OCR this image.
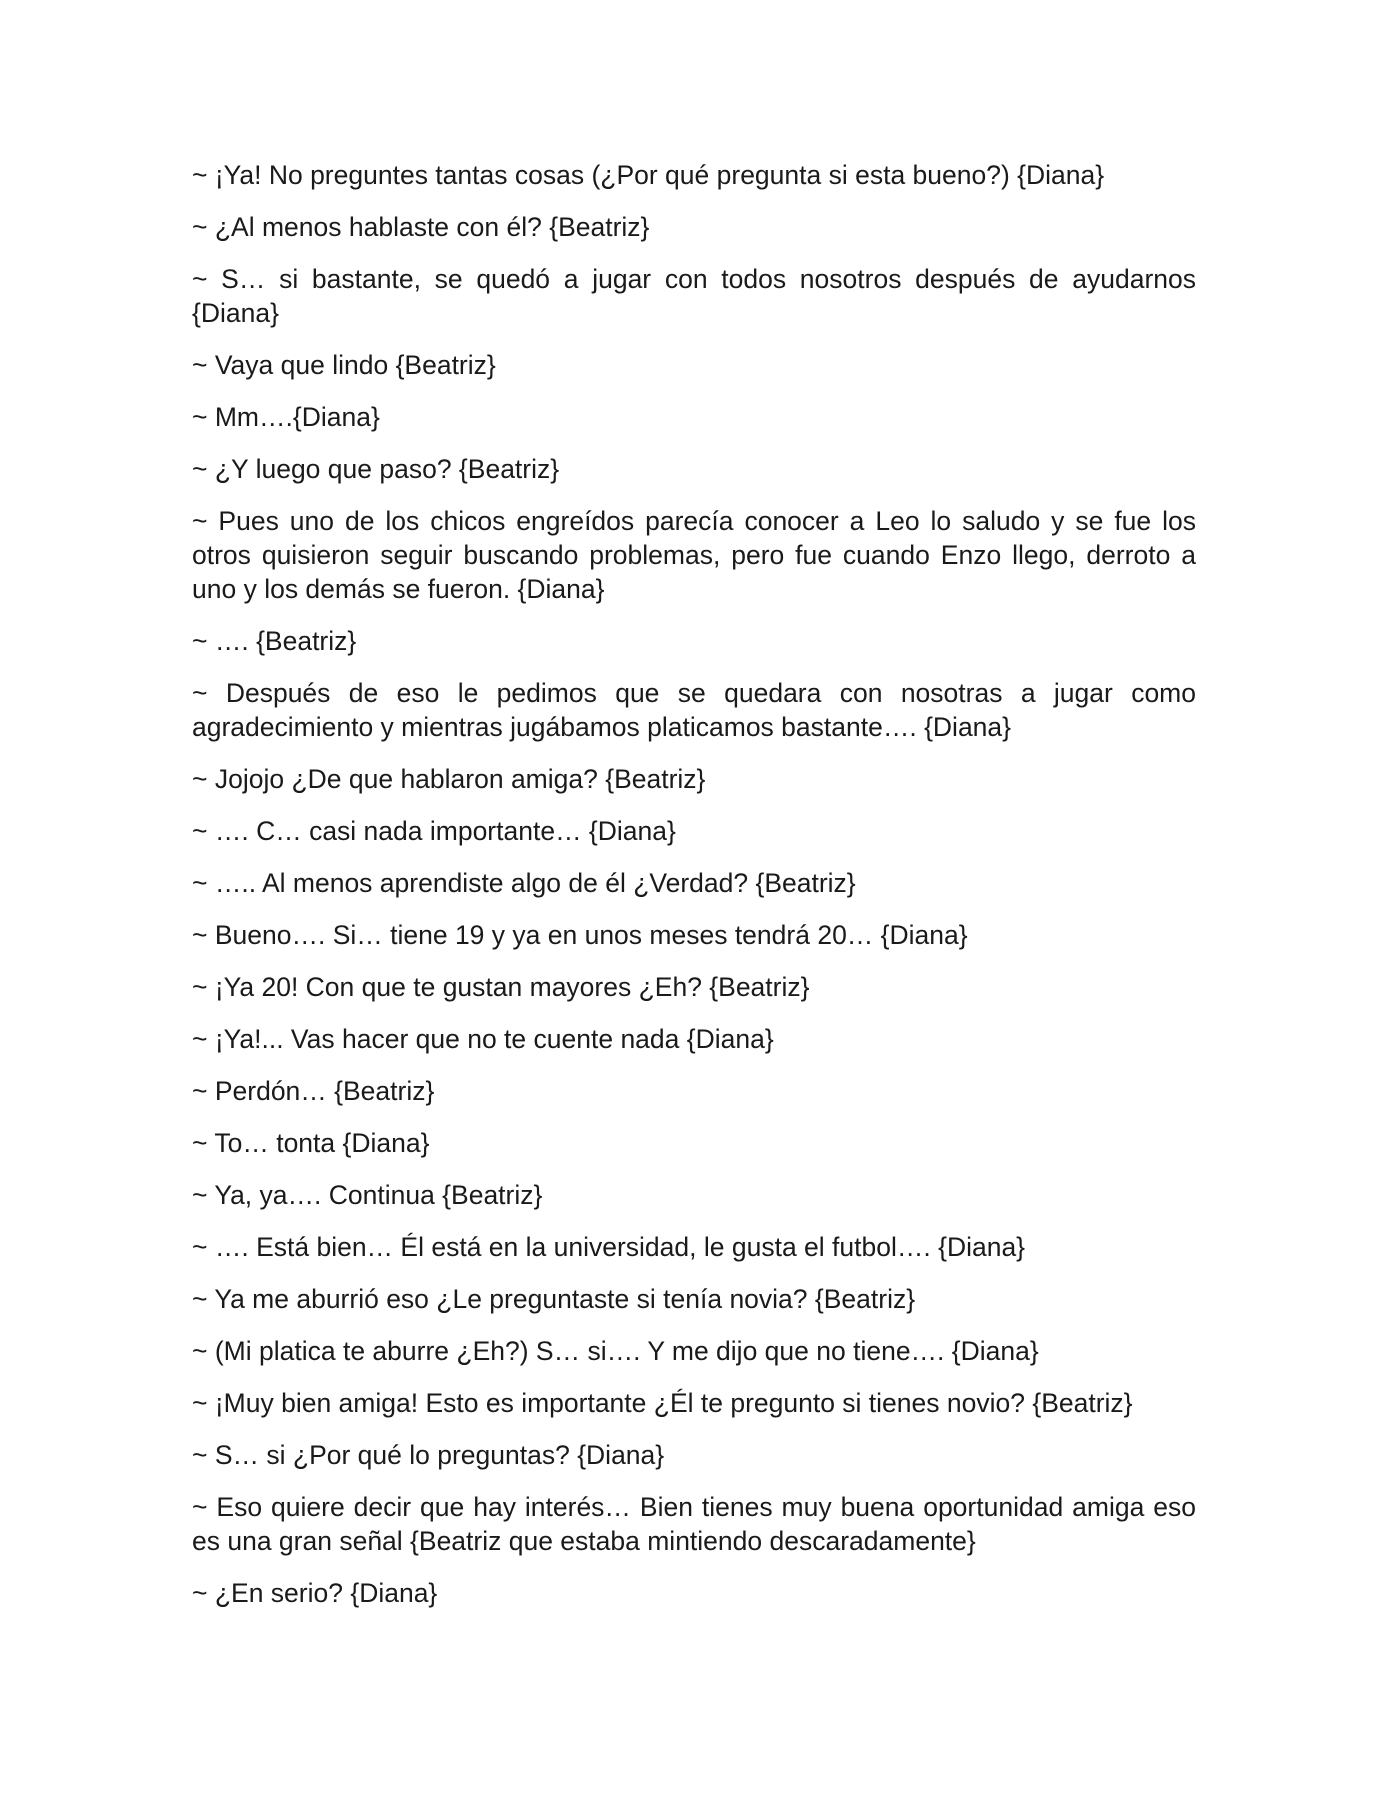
~ ¡Ya! No preguntes tantas cosas (¿Por qué pregunta si esta bueno?) {Diana}

~ ¿Al menos hablaste con él? {Beatriz}

~ S… si bastante, se quedó a jugar con todos nosotros después de ayudarnos {Diana}

~ Vaya que lindo {Beatriz}

~ Mm….{Diana}

~ ¿Y luego que paso? {Beatriz}

~ Pues uno de los chicos engreídos parecía conocer a Leo lo saludo y se fue los otros quisieron seguir buscando problemas, pero fue cuando Enzo llego, derroto a uno y los demás se fueron. {Diana}

~ …. {Beatriz}

~ Después de eso le pedimos que se quedara con nosotras a jugar como agradecimiento y mientras jugábamos platicamos bastante…. {Diana}

~ Jojojo ¿De que hablaron amiga? {Beatriz}

~ …. C… casi nada importante… {Diana}

~ ….. Al menos aprendiste algo de él ¿Verdad? {Beatriz}

~ Bueno…. Si… tiene 19 y ya en unos meses tendrá 20… {Diana}

~ ¡Ya 20! Con que te gustan mayores ¿Eh? {Beatriz}

~ ¡Ya!... Vas hacer que no te cuente nada {Diana}

~ Perdón… {Beatriz}

~ To… tonta {Diana}

~ Ya, ya…. Continua {Beatriz}

~ …. Está bien… Él está en la universidad, le gusta el futbol…. {Diana}

~ Ya me aburrió eso ¿Le preguntaste si tenía novia? {Beatriz}

~ (Mi platica te aburre ¿Eh?) S… si…. Y me dijo que no tiene…. {Diana}

~ ¡Muy bien amiga! Esto es importante ¿Él te pregunto si tienes novio? {Beatriz}

~ S… si ¿Por qué lo preguntas? {Diana}

~ Eso quiere decir que hay interés… Bien tienes muy buena oportunidad amiga eso es una gran señal {Beatriz que estaba mintiendo descaradamente}

~ ¿En serio? {Diana}
